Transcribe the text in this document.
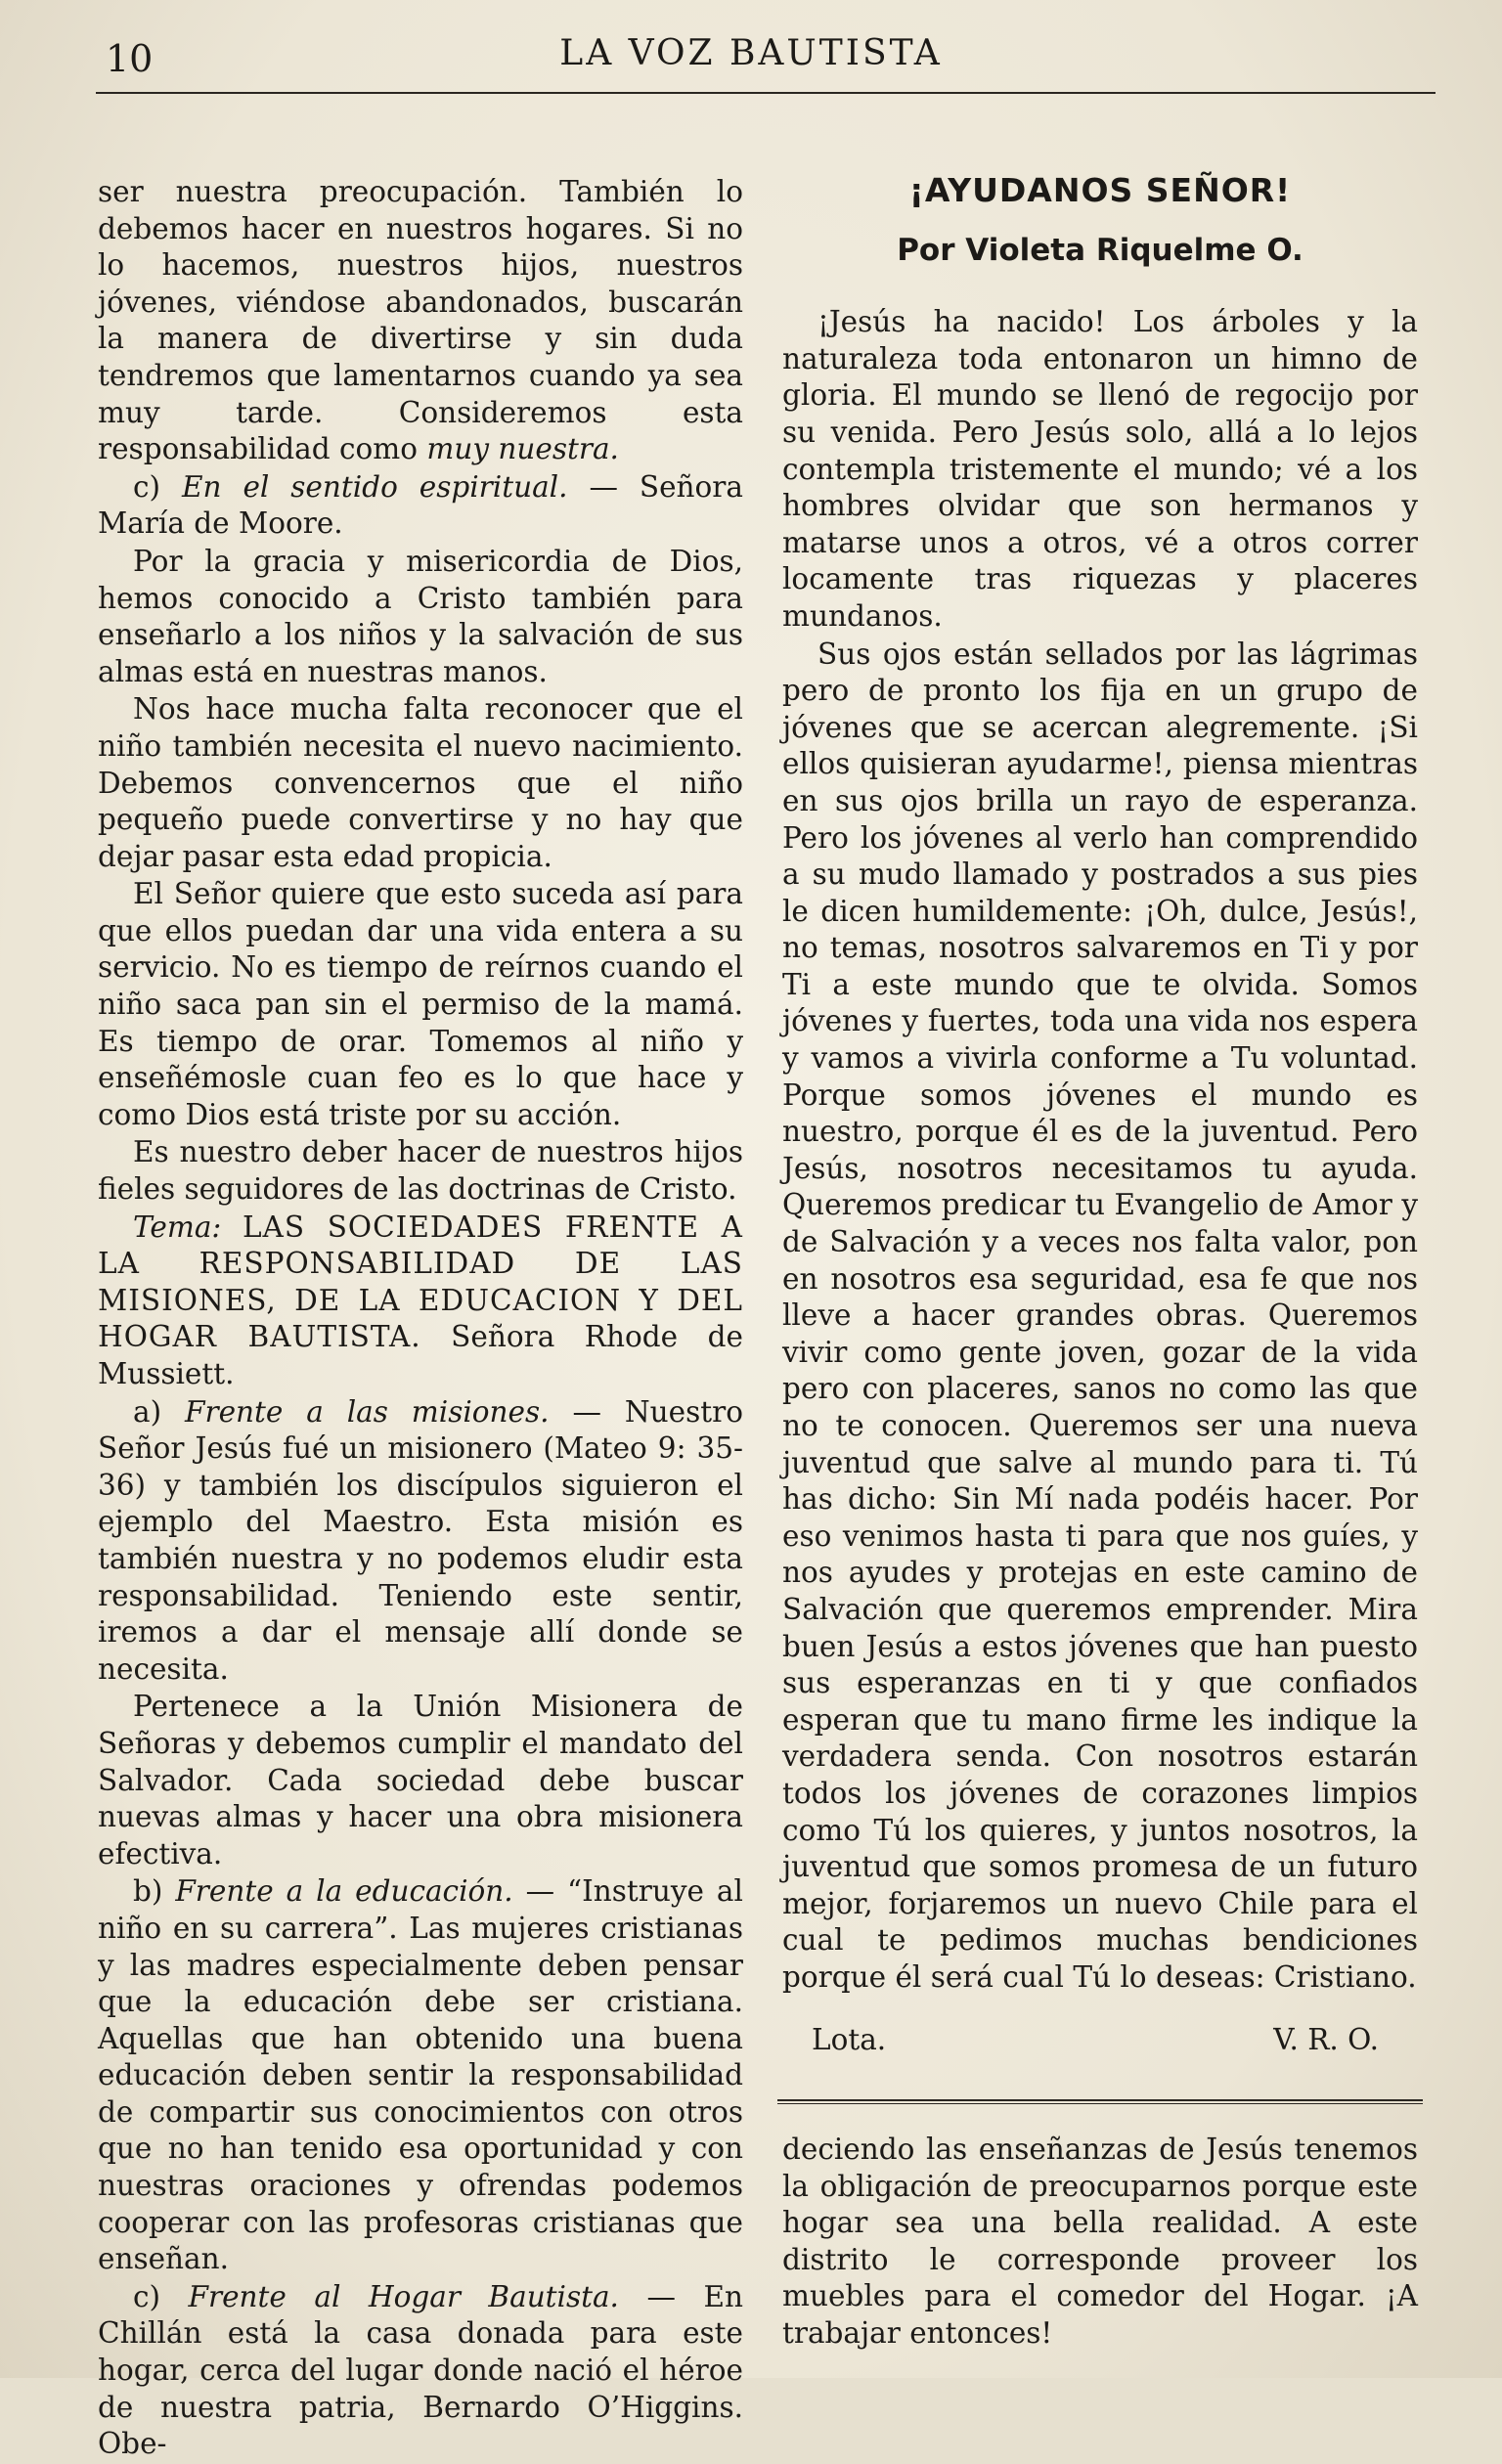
10	LA VOZ BAUTISTA

ser nuestra preocupación. También lo debemos hacer en nuestros hogares. Si no lo hacemos, nuestros hijos, nuestros jóvenes, viéndose abandonados, buscarán la manera de divertirse y sin duda tendremos que lamentarnos cuando ya sea muy tarde. Consideremos esta responsabilidad como muy nuestra.

c) En el sentido espiritual. — Señora María de Moore.

Por la gracia y misericordia de Dios, hemos conocido a Cristo también para enseñarlo a los niños y la salvación de sus almas está en nuestras manos.

Nos hace mucha falta reconocer que el niño también necesita el nuevo nacimiento. Debemos convencernos que el niño pequeño puede convertirse y no hay que dejar pasar esta edad propicia.

El Señor quiere que esto suceda así para que ellos puedan dar una vida entera a su servicio. No es tiempo de reírnos cuando el niño saca pan sin el permiso de la mamá. Es tiempo de orar. Tomemos al niño y enseñémosle cuan feo es lo que hace y como Dios está triste por su acción.

Es nuestro deber hacer de nuestros hijos fieles seguidores de las doctrinas de Cristo.

Tema: LAS SOCIEDADES FRENTE A LA RESPONSABILIDAD DE LAS MISIONES, DE LA EDUCACION Y DEL HOGAR BAUTISTA. Señora Rhode de Mussiett.

a) Frente a las misiones. — Nuestro Señor Jesús fué un misionero (Mateo 9: 35-36) y también los discípulos siguieron el ejemplo del Maestro. Esta misión es también nuestra y no podemos eludir esta responsabilidad. Teniendo este sentir, iremos a dar el mensaje allí donde se necesita.

Pertenece a la Unión Misionera de Señoras y debemos cumplir el mandato del Salvador. Cada sociedad debe buscar nuevas almas y hacer una obra misionera efectiva.

b) Frente a la educación. — “Instruye al niño en su carrera”. Las mujeres cristianas y las madres especialmente deben pensar que la educación debe ser cristiana. Aquellas que han obtenido una buena educación deben sentir la responsabilidad de compartir sus conocimientos con otros que no han tenido esa oportunidad y con nuestras oraciones y ofrendas podemos cooperar con las profesoras cristianas que enseñan.

c) Frente al Hogar Bautista. — En Chillán está la casa donada para este hogar, cerca del lugar donde nació el héroe de nuestra patria, Bernardo O’Higgins. Obe-

¡AYUDANOS SEÑOR!
Por Violeta Riquelme O.

¡Jesús ha nacido! Los árboles y la naturaleza toda entonaron un himno de gloria. El mundo se llenó de regocijo por su venida. Pero Jesús solo, allá a lo lejos contempla tristemente el mundo; vé a los hombres olvidar que son hermanos y matarse unos a otros, vé a otros correr locamente tras riquezas y placeres mundanos.

Sus ojos están sellados por las lágrimas pero de pronto los fija en un grupo de jóvenes que se acercan alegremente. ¡Si ellos quisieran ayudarme!, piensa mientras en sus ojos brilla un rayo de esperanza. Pero los jóvenes al verlo han comprendido a su mudo llamado y postrados a sus pies le dicen humildemente: ¡Oh, dulce, Jesús!, no temas, nosotros salvaremos en Ti y por Ti a este mundo que te olvida. Somos jóvenes y fuertes, toda una vida nos espera y vamos a vivirla conforme a Tu voluntad. Porque somos jóvenes el mundo es nuestro, porque él es de la juventud. Pero Jesús, nosotros necesitamos tu ayuda. Queremos predicar tu Evangelio de Amor y de Salvación y a veces nos falta valor, pon en nosotros esa seguridad, esa fe que nos lleve a hacer grandes obras. Queremos vivir como gente joven, gozar de la vida pero con placeres, sanos no como las que no te conocen. Queremos ser una nueva juventud que salve al mundo para ti. Tú has dicho: Sin Mí nada podéis hacer. Por eso venimos hasta ti para que nos guíes, y nos ayudes y protejas en este camino de Salvación que queremos emprender. Mira buen Jesús a estos jóvenes que han puesto sus esperanzas en ti y que confiados esperan que tu mano firme les indique la verdadera senda. Con nosotros estarán todos los jóvenes de corazones limpios como Tú los quieres, y juntos nosotros, la juventud que somos promesa de un futuro mejor, forjaremos un nuevo Chile para el cual te pedimos muchas bendiciones porque él será cual Tú lo deseas: Cristiano.

Lota.	V. R. O.

deciendo las enseñanzas de Jesús tenemos la obligación de preocuparnos porque este hogar sea una bella realidad. A este distrito le corresponde proveer los muebles para el comedor del Hogar. ¡A trabajar entonces!
